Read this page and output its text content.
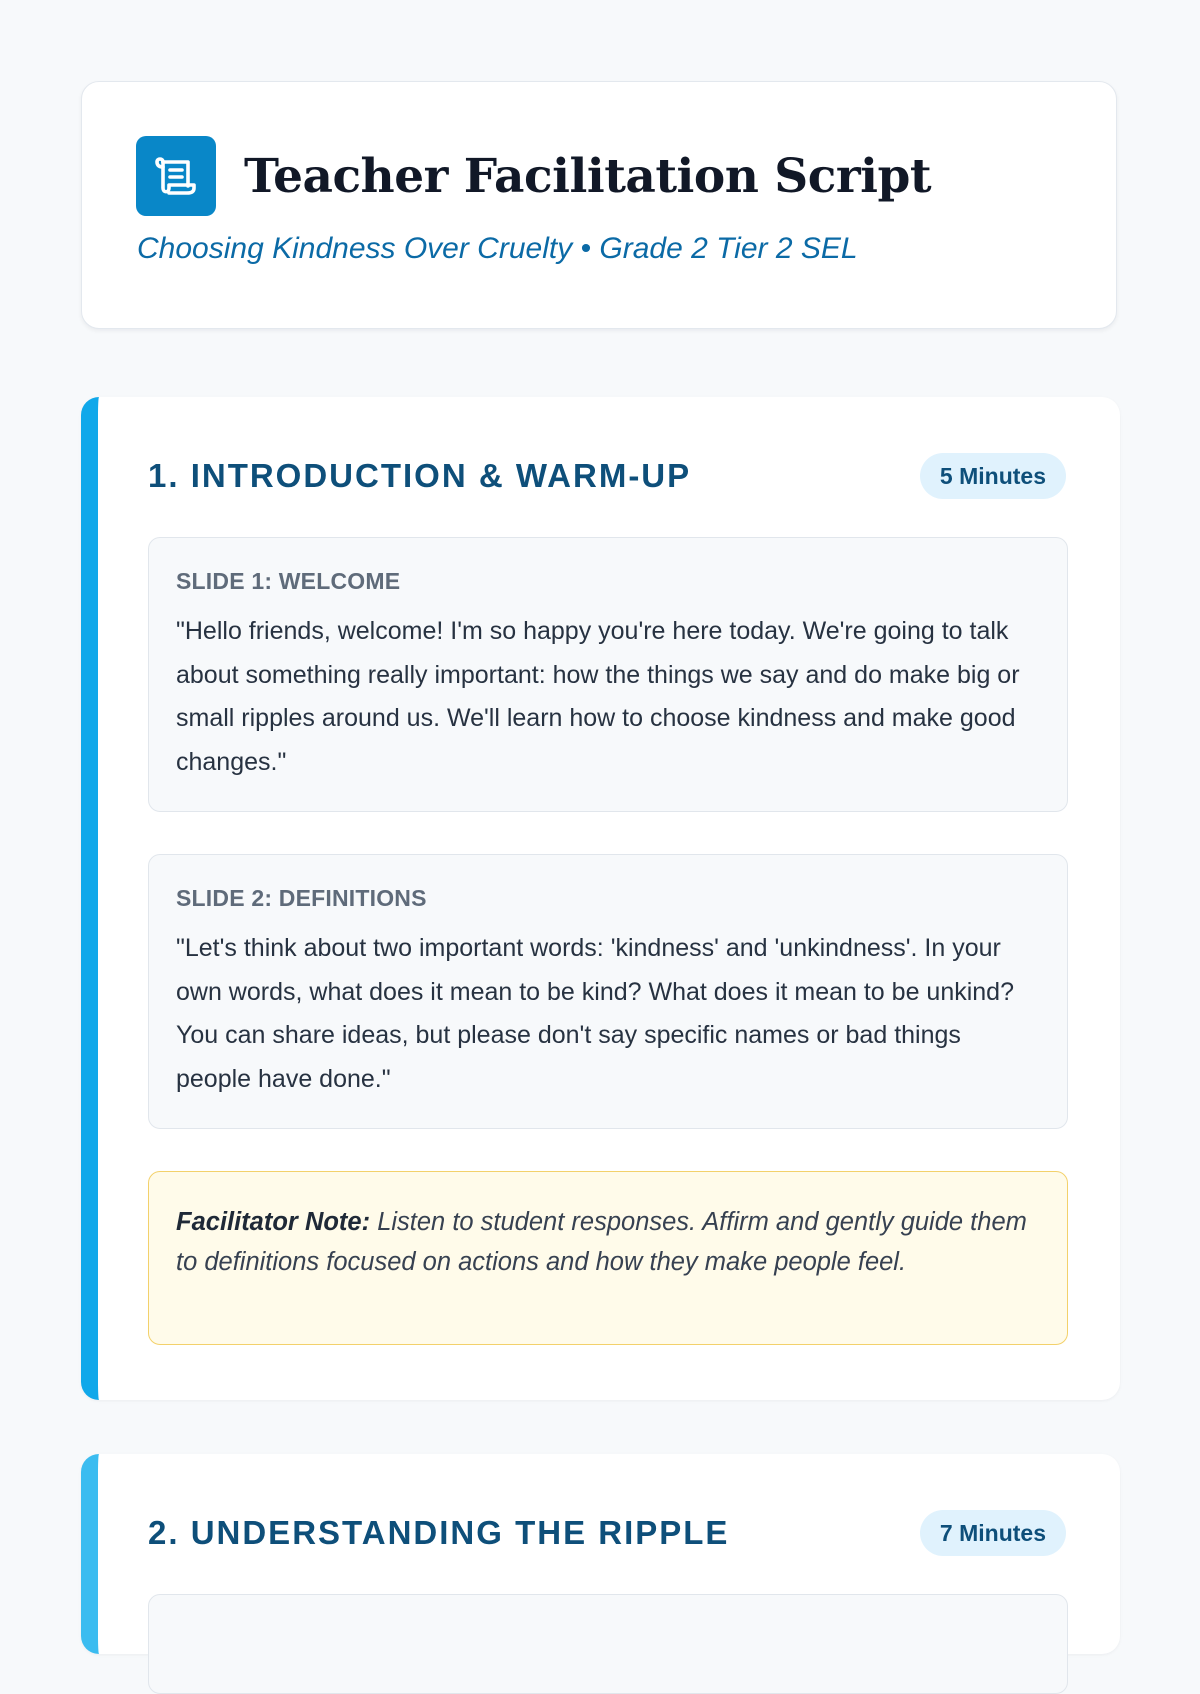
Teacher Facilitation Script
Choosing Kindness Over Cruelty • Grade 2 Tier 2 SEL
1. INTRODUCTION & WARM-UP	5 Minutes
SLIDE 1: WELCOME
"Hello friends, welcome! I'm so happy you're here today. We're going to talk about something really important: how the things we say and do make big or small ripples around us. We'll learn how to choose kindness and make good changes."
SLIDE 2: DEFINITIONS
"Let's think about two important words: 'kindness' and 'unkindness'. In your own words, what does it mean to be kind? What does it mean to be unkind? You can share ideas, but please don't say specific names or bad things people have done."
Facilitator Note: Listen to student responses. Affirm and gently guide them to definitions focused on actions and how they make people feel.
2. UNDERSTANDING THE RIPPLE	7 Minutes
